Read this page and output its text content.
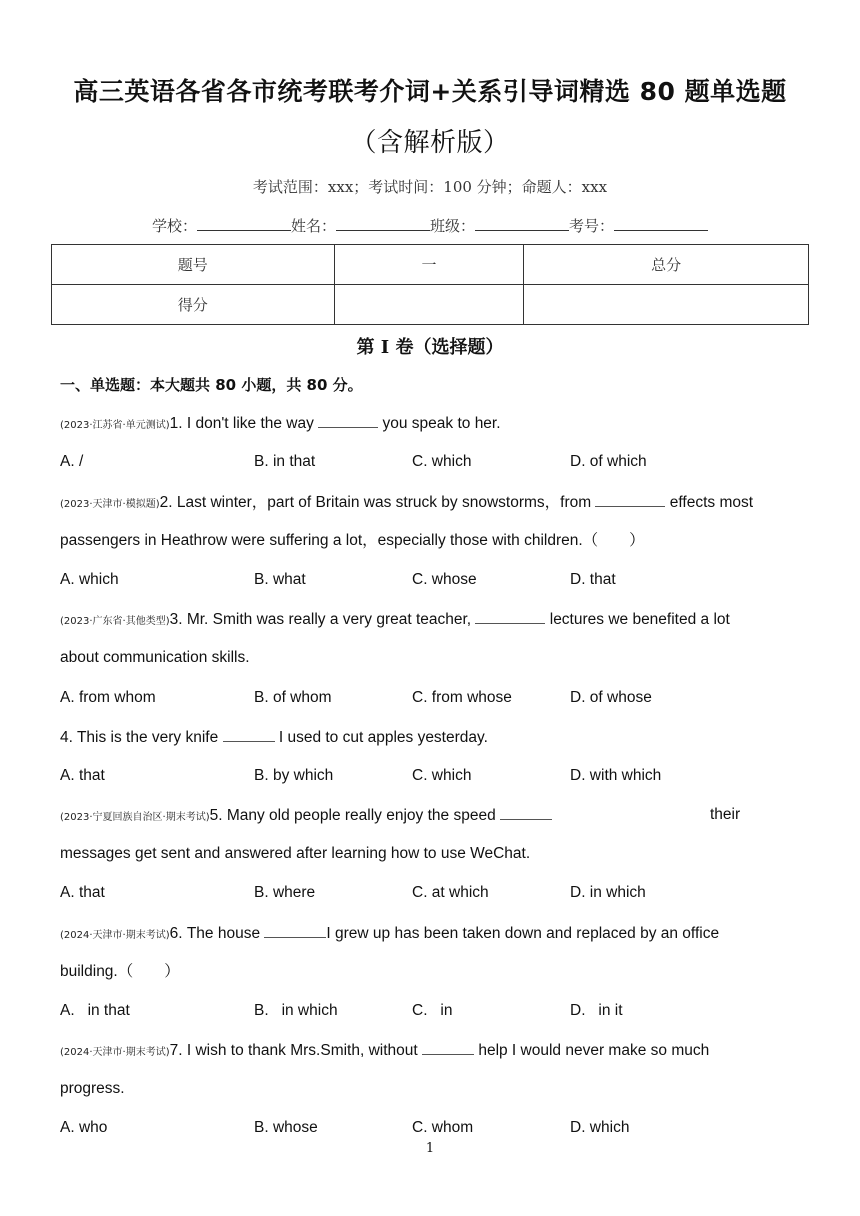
高三英语各省各市统考联考介词+关系引导词精选 80 题单选题
（含解析版）
考试范围：xxx；考试时间：100 分钟；命题人：xxx
学校：	姓名：	班级：	考号：
题号	一	总分
得分		
第 I 卷（选择题）
一、单选题：本大题共 80 小题，共 80 分。
(2023·江苏省·单元测试)1. I don't like the way	you speak to her.
A. /	B. in that	C. which	D. of which
(2023·天津市·模拟题)2. Last winter，part of Britain was struck by snowstorms，from	effects most
passengers in Heathrow were suffering a lot，especially those with children.（　　）
A. which	B. what	C. whose	D. that
(2023·广东省·其他类型)3. Mr. Smith was really a very great teacher,	lectures we benefited a lot
about communication skills.
A. from whom	B. of whom	C. from whose	D. of whose
4. This is the very knife	I used to cut apples yesterday.
A. that	B. by which	C. which	D. with which
(2023·宁夏回族自治区·期末考试)5. Many old people really enjoy the speed	their
messages get sent and answered after learning how to use WeChat.
A. that	B. where	C. at which	D. in which
(2024·天津市·期末考试)6. The house	I grew up has been taken down and replaced by an office
building.（　　）
A.   in that	B.   in which	C.   in	D.   in it
(2024·天津市·期末考试)7. I wish to thank Mrs.Smith, without	help I would never make so much
progress.
A. who	B. whose	C. whom	D. which
1
